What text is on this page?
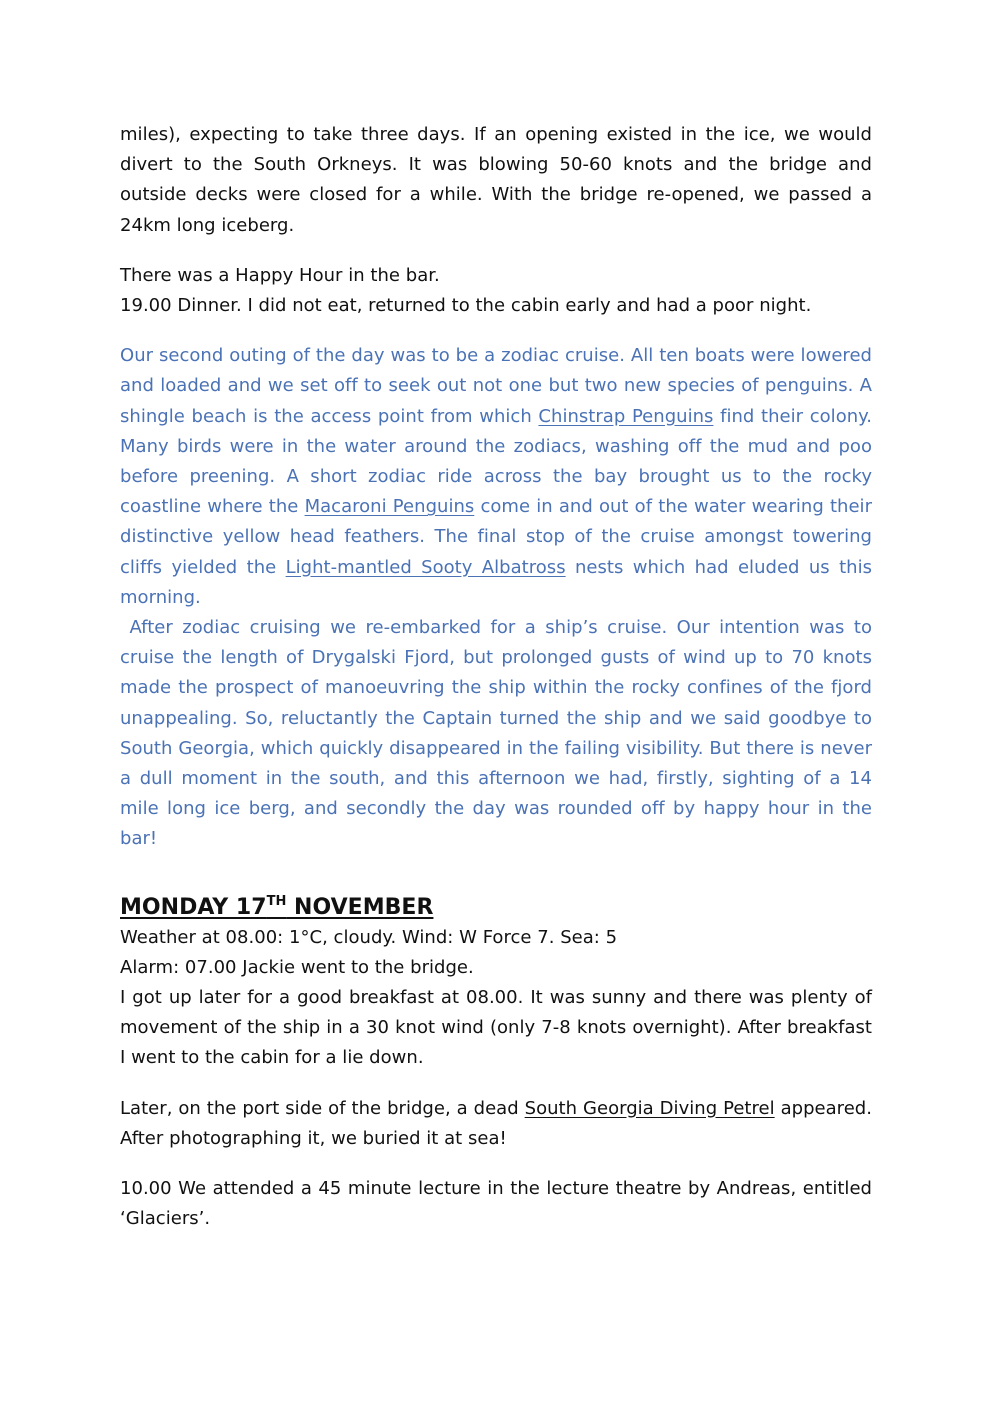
miles), expecting to take three days. If an opening existed in the ice, we would divert to the South Orkneys. It was blowing 50-60 knots and the bridge and outside decks were closed for a while. With the bridge re-opened, we passed a 24km long iceberg.

There was a Happy Hour in the bar.
19.00 Dinner. I did not eat, returned to the cabin early and had a poor night.

Our second outing of the day was to be a zodiac cruise. All ten boats were lowered and loaded and we set off to seek out not one but two new species of penguins. A shingle beach is the access point from which Chinstrap Penguins find their colony. Many birds were in the water around the zodiacs, washing off the mud and poo before preening. A short zodiac ride across the bay brought us to the rocky coastline where the Macaroni Penguins come in and out of the water wearing their distinctive yellow head feathers. The final stop of the cruise amongst towering cliffs yielded the Light-mantled Sooty Albatross nests which had eluded us this morning.

After zodiac cruising we re-embarked for a ship’s cruise. Our intention was to cruise the length of Drygalski Fjord, but prolonged gusts of wind up to 70 knots made the prospect of manoeuvring the ship within the rocky confines of the fjord unappealing. So, reluctantly the Captain turned the ship and we said goodbye to South Georgia, which quickly disappeared in the failing visibility. But there is never a dull moment in the south, and this afternoon we had, firstly, sighting of a 14 mile long ice berg, and secondly the day was rounded off by happy hour in the bar!

MONDAY 17TH NOVEMBER

Weather at 08.00: 1°C, cloudy. Wind: W Force 7. Sea: 5
Alarm: 07.00 Jackie went to the bridge.
I got up later for a good breakfast at 08.00. It was sunny and there was plenty of movement of the ship in a 30 knot wind (only 7-8 knots overnight). After breakfast I went to the cabin for a lie down.

Later, on the port side of the bridge, a dead South Georgia Diving Petrel appeared. After photographing it, we buried it at sea!

10.00 We attended a 45 minute lecture in the lecture theatre by Andreas, entitled ‘Glaciers’.
